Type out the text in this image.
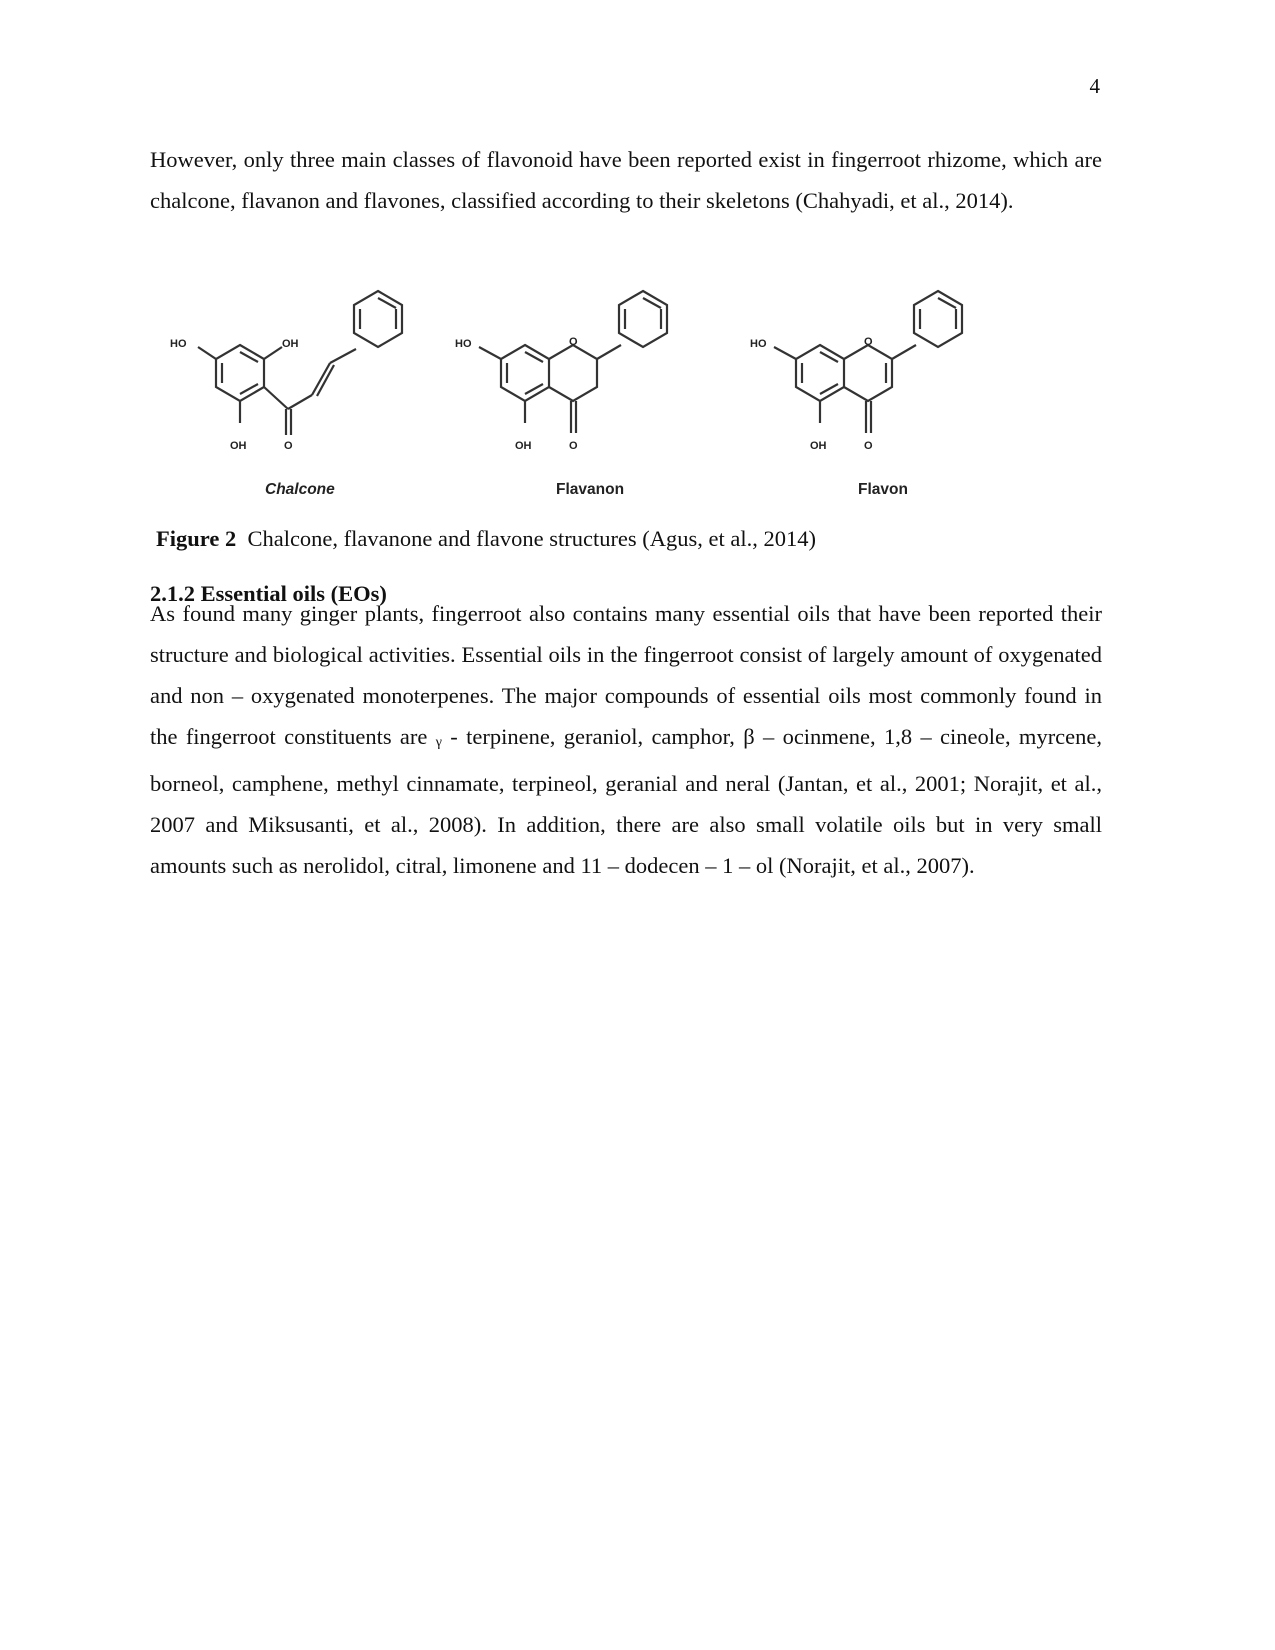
4

However, only three main classes of flavonoid have been reported exist in fingerroot rhizome, which are chalcone, flavanon and flavones, classified according to their skeletons (Chahyadi, et al., 2014).

HO	OH
OH	O
HO	O
OH	O
HO	O
OH	O
Chalcone	Flavanon	Flavon
Figure 2 Chalcone, flavanone and flavone structures (Agus, et al., 2014)
2.1.2 Essential oils (EOs)

As found many ginger plants, fingerroot also contains many essential oils that have been reported their structure and biological activities. Essential oils in the fingerroot consist of largely amount of oxygenated and non – oxygenated monoterpenes. The major compounds of essential oils most commonly found in the fingerroot constituents are γ - terpinene, geraniol, camphor, β – ocinmene, 1,8 – cineole, myrcene, borneol, camphene, methyl cinnamate, terpineol, geranial and neral (Jantan, et al., 2001; Norajit, et al., 2007 and Miksusanti, et al., 2008). In addition, there are also small volatile oils but in very small amounts such as nerolidol, citral, limonene and 11 – dodecen – 1 – ol (Norajit, et al., 2007).
